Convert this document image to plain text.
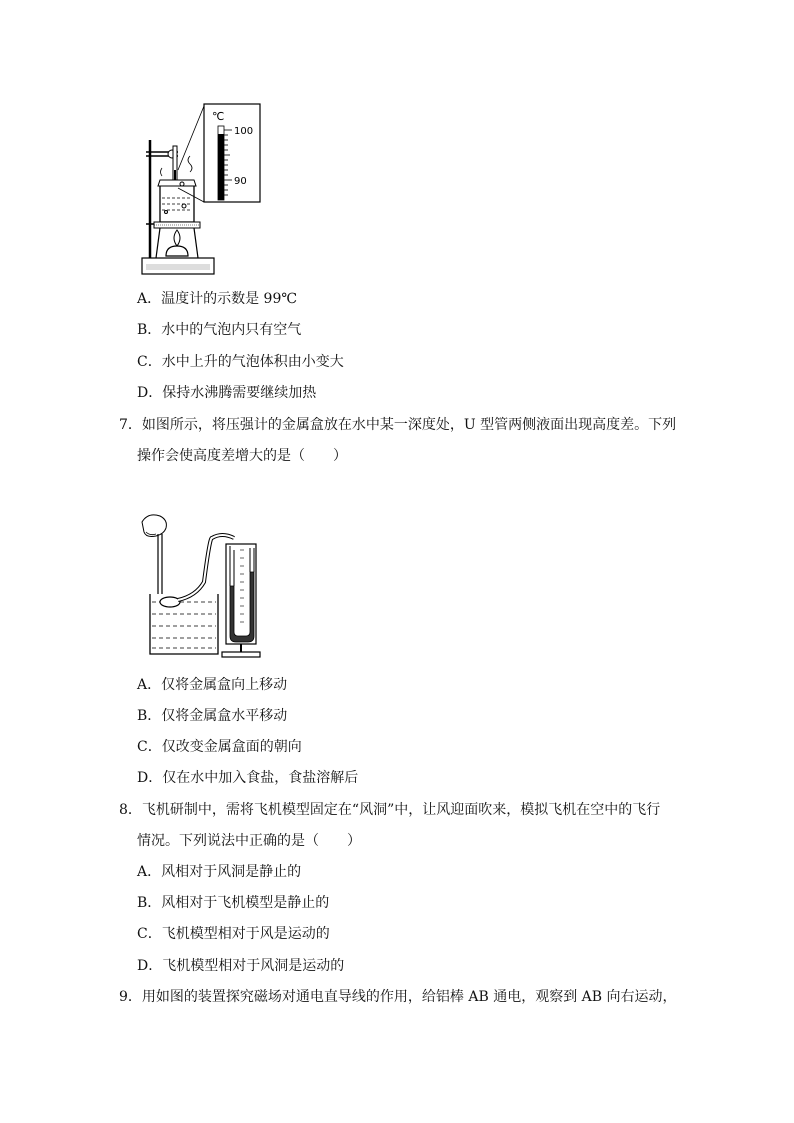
℃
100
90
A．温度计的示数是 99℃
B．水中的气泡内只有空气
C．水中上升的气泡体积由小变大
D．保持水沸腾需要继续加热
7．如图所示，将压强计的金属盒放在水中某一深度处，U 型管两侧液面出现高度差。下列
操作会使高度差增大的是（　　）
A．仅将金属盒向上移动
B．仅将金属盒水平移动
C．仅改变金属盒面的朝向
D．仅在水中加入食盐，食盐溶解后
8．飞机研制中，需将飞机模型固定在“风洞”中，让风迎面吹来，模拟飞机在空中的飞行
情况。下列说法中正确的是（　　）
A．风相对于风洞是静止的
B．风相对于飞机模型是静止的
C．飞机模型相对于风是运动的
D．飞机模型相对于风洞是运动的
9．用如图的装置探究磁场对通电直导线的作用，给铝棒 AB 通电，观察到 AB 向右运动，
